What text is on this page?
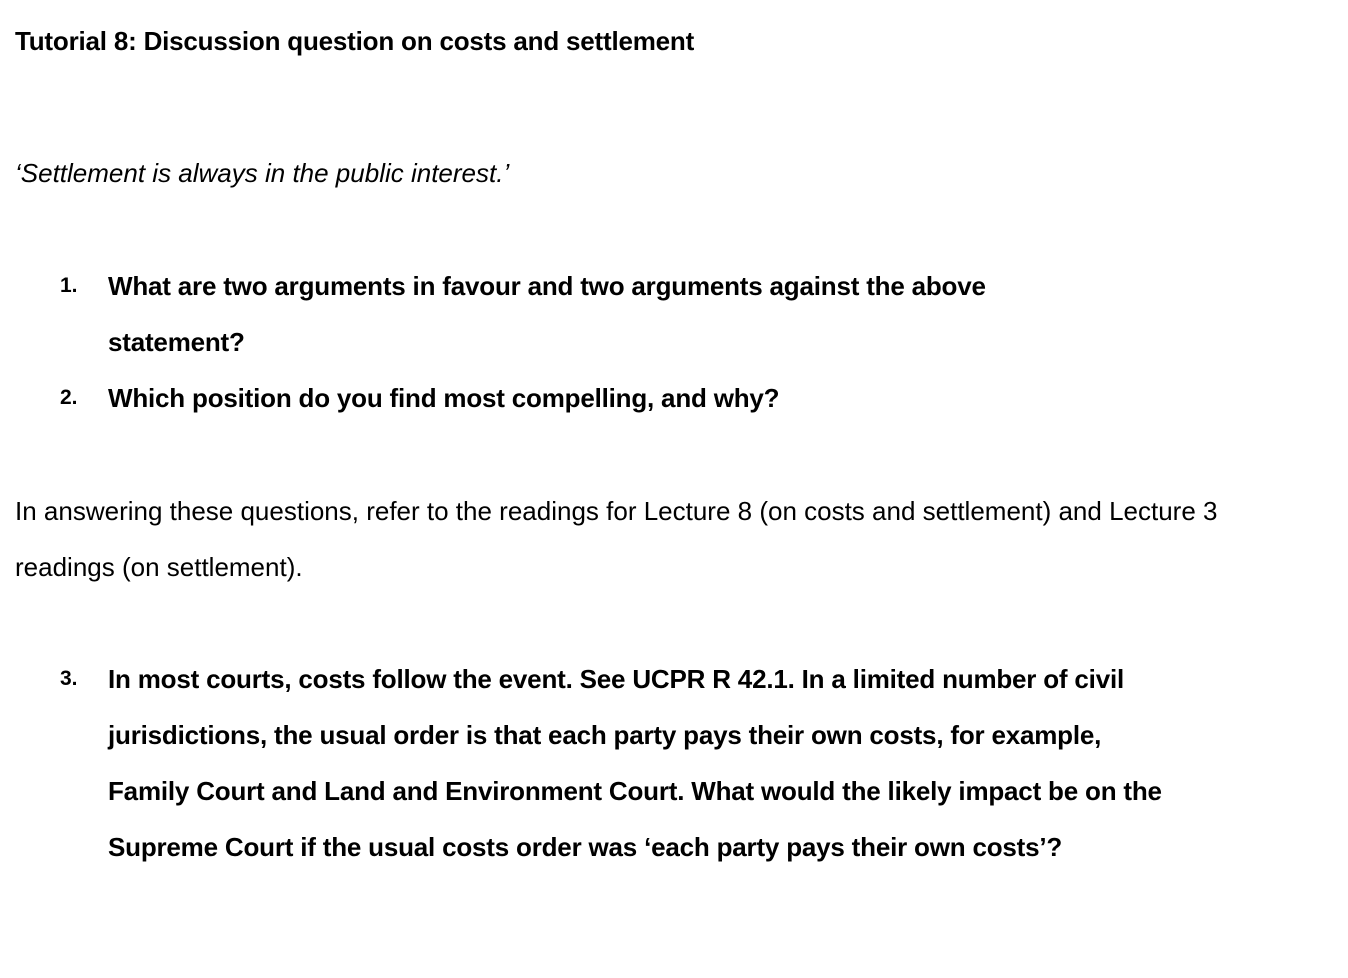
Tutorial 8: Discussion question on costs and settlement
‘Settlement is always in the public interest.’
1. What are two arguments in favour and two arguments against the above statement?
2. Which position do you find most compelling, and why?
In answering these questions, refer to the readings for Lecture 8 (on costs and settlement) and Lecture 3 readings (on settlement).
3. In most courts, costs follow the event. See UCPR R 42.1. In a limited number of civil jurisdictions, the usual order is that each party pays their own costs, for example, Family Court and Land and Environment Court. What would the likely impact be on the Supreme Court if the usual costs order was ‘each party pays their own costs’?
